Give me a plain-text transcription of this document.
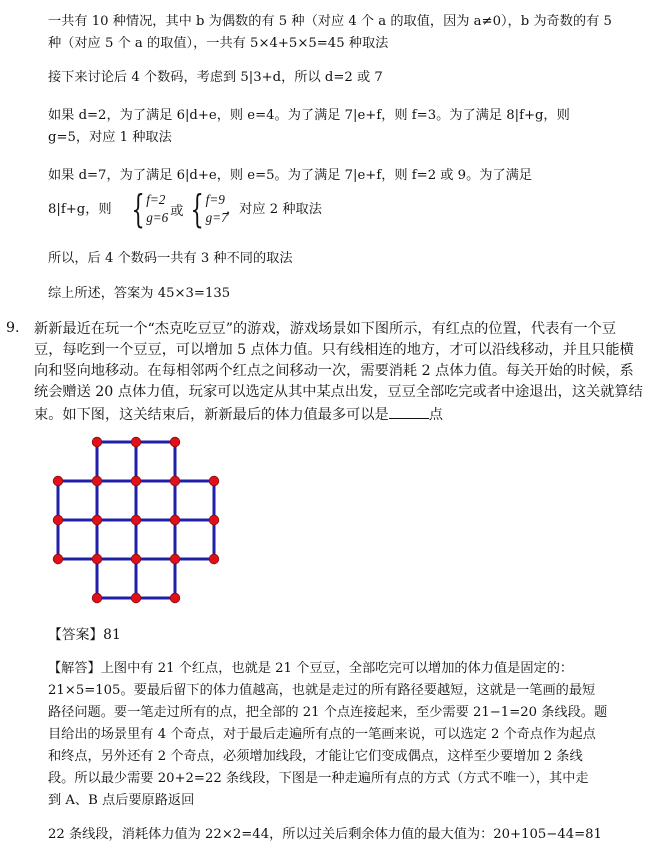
一共有 10 种情况，其中 b 为偶数的有 5 种（对应 4 个 a 的取值，因为 a≠0），b 为奇数的有 5
种（对应 5 个 a 的取值），一共有 5×4+5×5=45 种取法
接下来讨论后 4 个数码，考虑到 5|3+d，所以 d=2 或 7
如果 d=2，为了满足 6|d+e，则 e=4。为了满足 7|e+f，则 f=3。为了满足 8|f+g，则
g=5，对应 1 种取法
如果 d=7，为了满足 6|d+e，则 e=5。为了满足 7|e+f，则 f=2 或 9。为了满足
8|f+g，则 { f=2
g=6 或 { f=9
g=7
，对应 2 种取法
所以，后 4 个数码一共有 3 种不同的取法
综上所述，答案为 45×3=135
9. 新新最近在玩一个“杰克吃豆豆”的游戏，游戏场景如下图所示，有红点的位置，代表有一个豆
豆，每吃到一个豆豆，可以增加 5 点体力值。只有线相连的地方，才可以沿线移动，并且只能横
向和竖向地移动。在每相邻两个红点之间移动一次，需要消耗 2 点体力值。每关开始的时候，系
统会赠送 20 点体力值，玩家可以选定从其中某点出发，豆豆全部吃完或者中途退出，这关就算结
束。如下图，这关结束后，新新最后的体力值最多可以是	点
【答案】81
【解答】上图中有 21 个红点，也就是 21 个豆豆，全部吃完可以增加的体力值是固定的：
21×5=105。要最后留下的体力值越高，也就是走过的所有路径要越短，这就是一笔画的最短
路径问题。要一笔走过所有的点，把全部的 21 个点连接起来，至少需要 21−1=20 条线段。题
目给出的场景里有 4 个奇点，对于最后走遍所有点的一笔画来说，可以选定 2 个奇点作为起点
和终点，另外还有 2 个奇点，必须增加线段，才能让它们变成偶点，这样至少要增加 2 条线
段。所以最少需要 20+2=22 条线段，下图是一种走遍所有点的方式（方式不唯一），其中走
到 A、B 点后要原路返回
22 条线段，消耗体力值为 22×2=44，所以过关后剩余体力值的最大值为：20+105−44=81
